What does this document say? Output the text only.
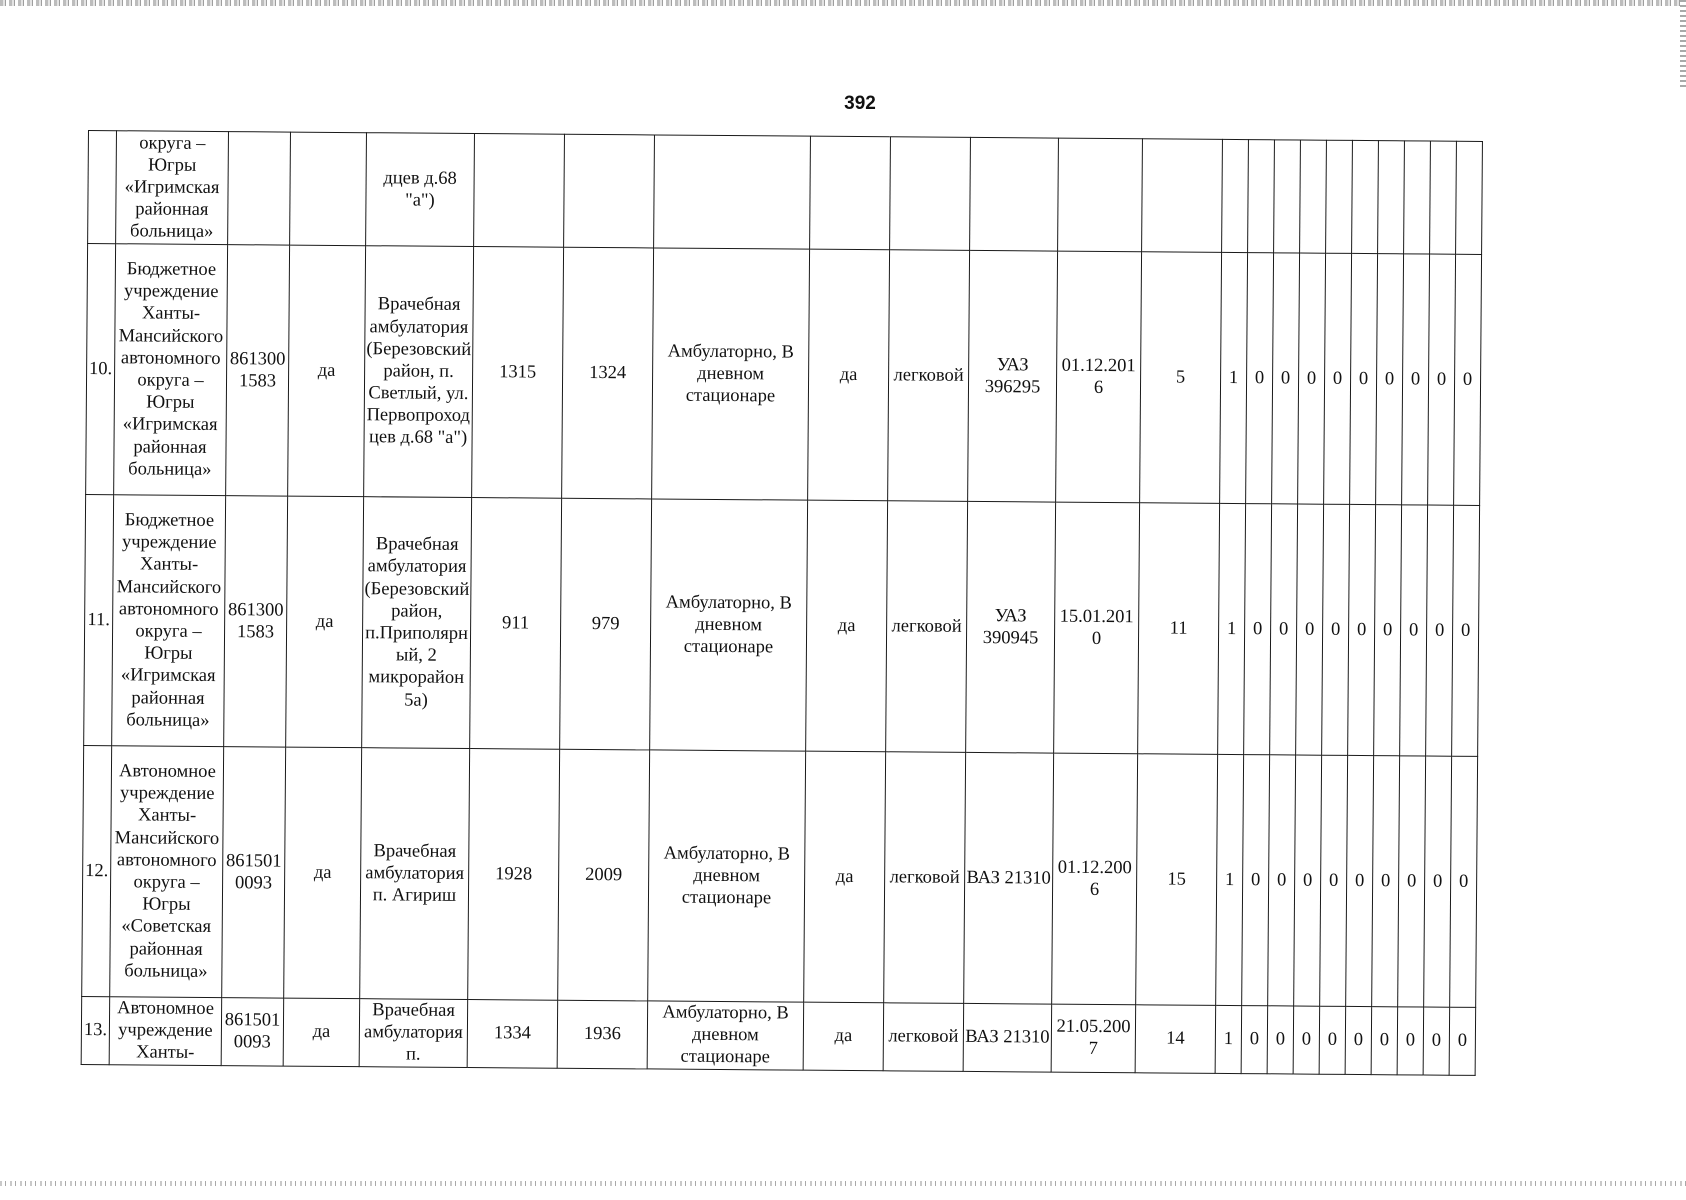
392
	округа – Югры «Игримская районная больница»			дцев д.68 "а")																		
10.	Бюджетное учреждение Ханты-Мансийского автономного округа – Югры «Игримская районная больница»	8613001583	да	Врачебная амбулатория (Березовский район, п. Светлый, ул. Первопроходцев д.68 "а")	1315	1324	Амбулаторно, В дневном стационаре	да	легковой	УАЗ 396295	01.12.2016	5	1	0	0	0	0	0	0	0	0	0
11.	Бюджетное учреждение Ханты-Мансийского автономного округа – Югры «Игримская районная больница»	8613001583	да	Врачебная амбулатория (Березовский район, п.Приполярный, 2 микрорайон 5а)	911	979	Амбулаторно, В дневном стационаре	да	легковой	УАЗ 390945	15.01.2010	11	1	0	0	0	0	0	0	0	0	0
12.	Автономное учреждение Ханты-Мансийского автономного округа – Югры «Советская районная больница»	8615010093	да	Врачебная амбулатория п. Агириш	1928	2009	Амбулаторно, В дневном стационаре	да	легковой	ВАЗ 21310	01.12.2006	15	1	0	0	0	0	0	0	0	0	0
13.	Автономное учреждение Ханты-	8615010093	да	Врачебная амбулатория п.	1334	1936	Амбулаторно, В дневном стационаре	да	легковой	ВАЗ 21310	21.05.2007	14	1	0	0	0	0	0	0	0	0	0
